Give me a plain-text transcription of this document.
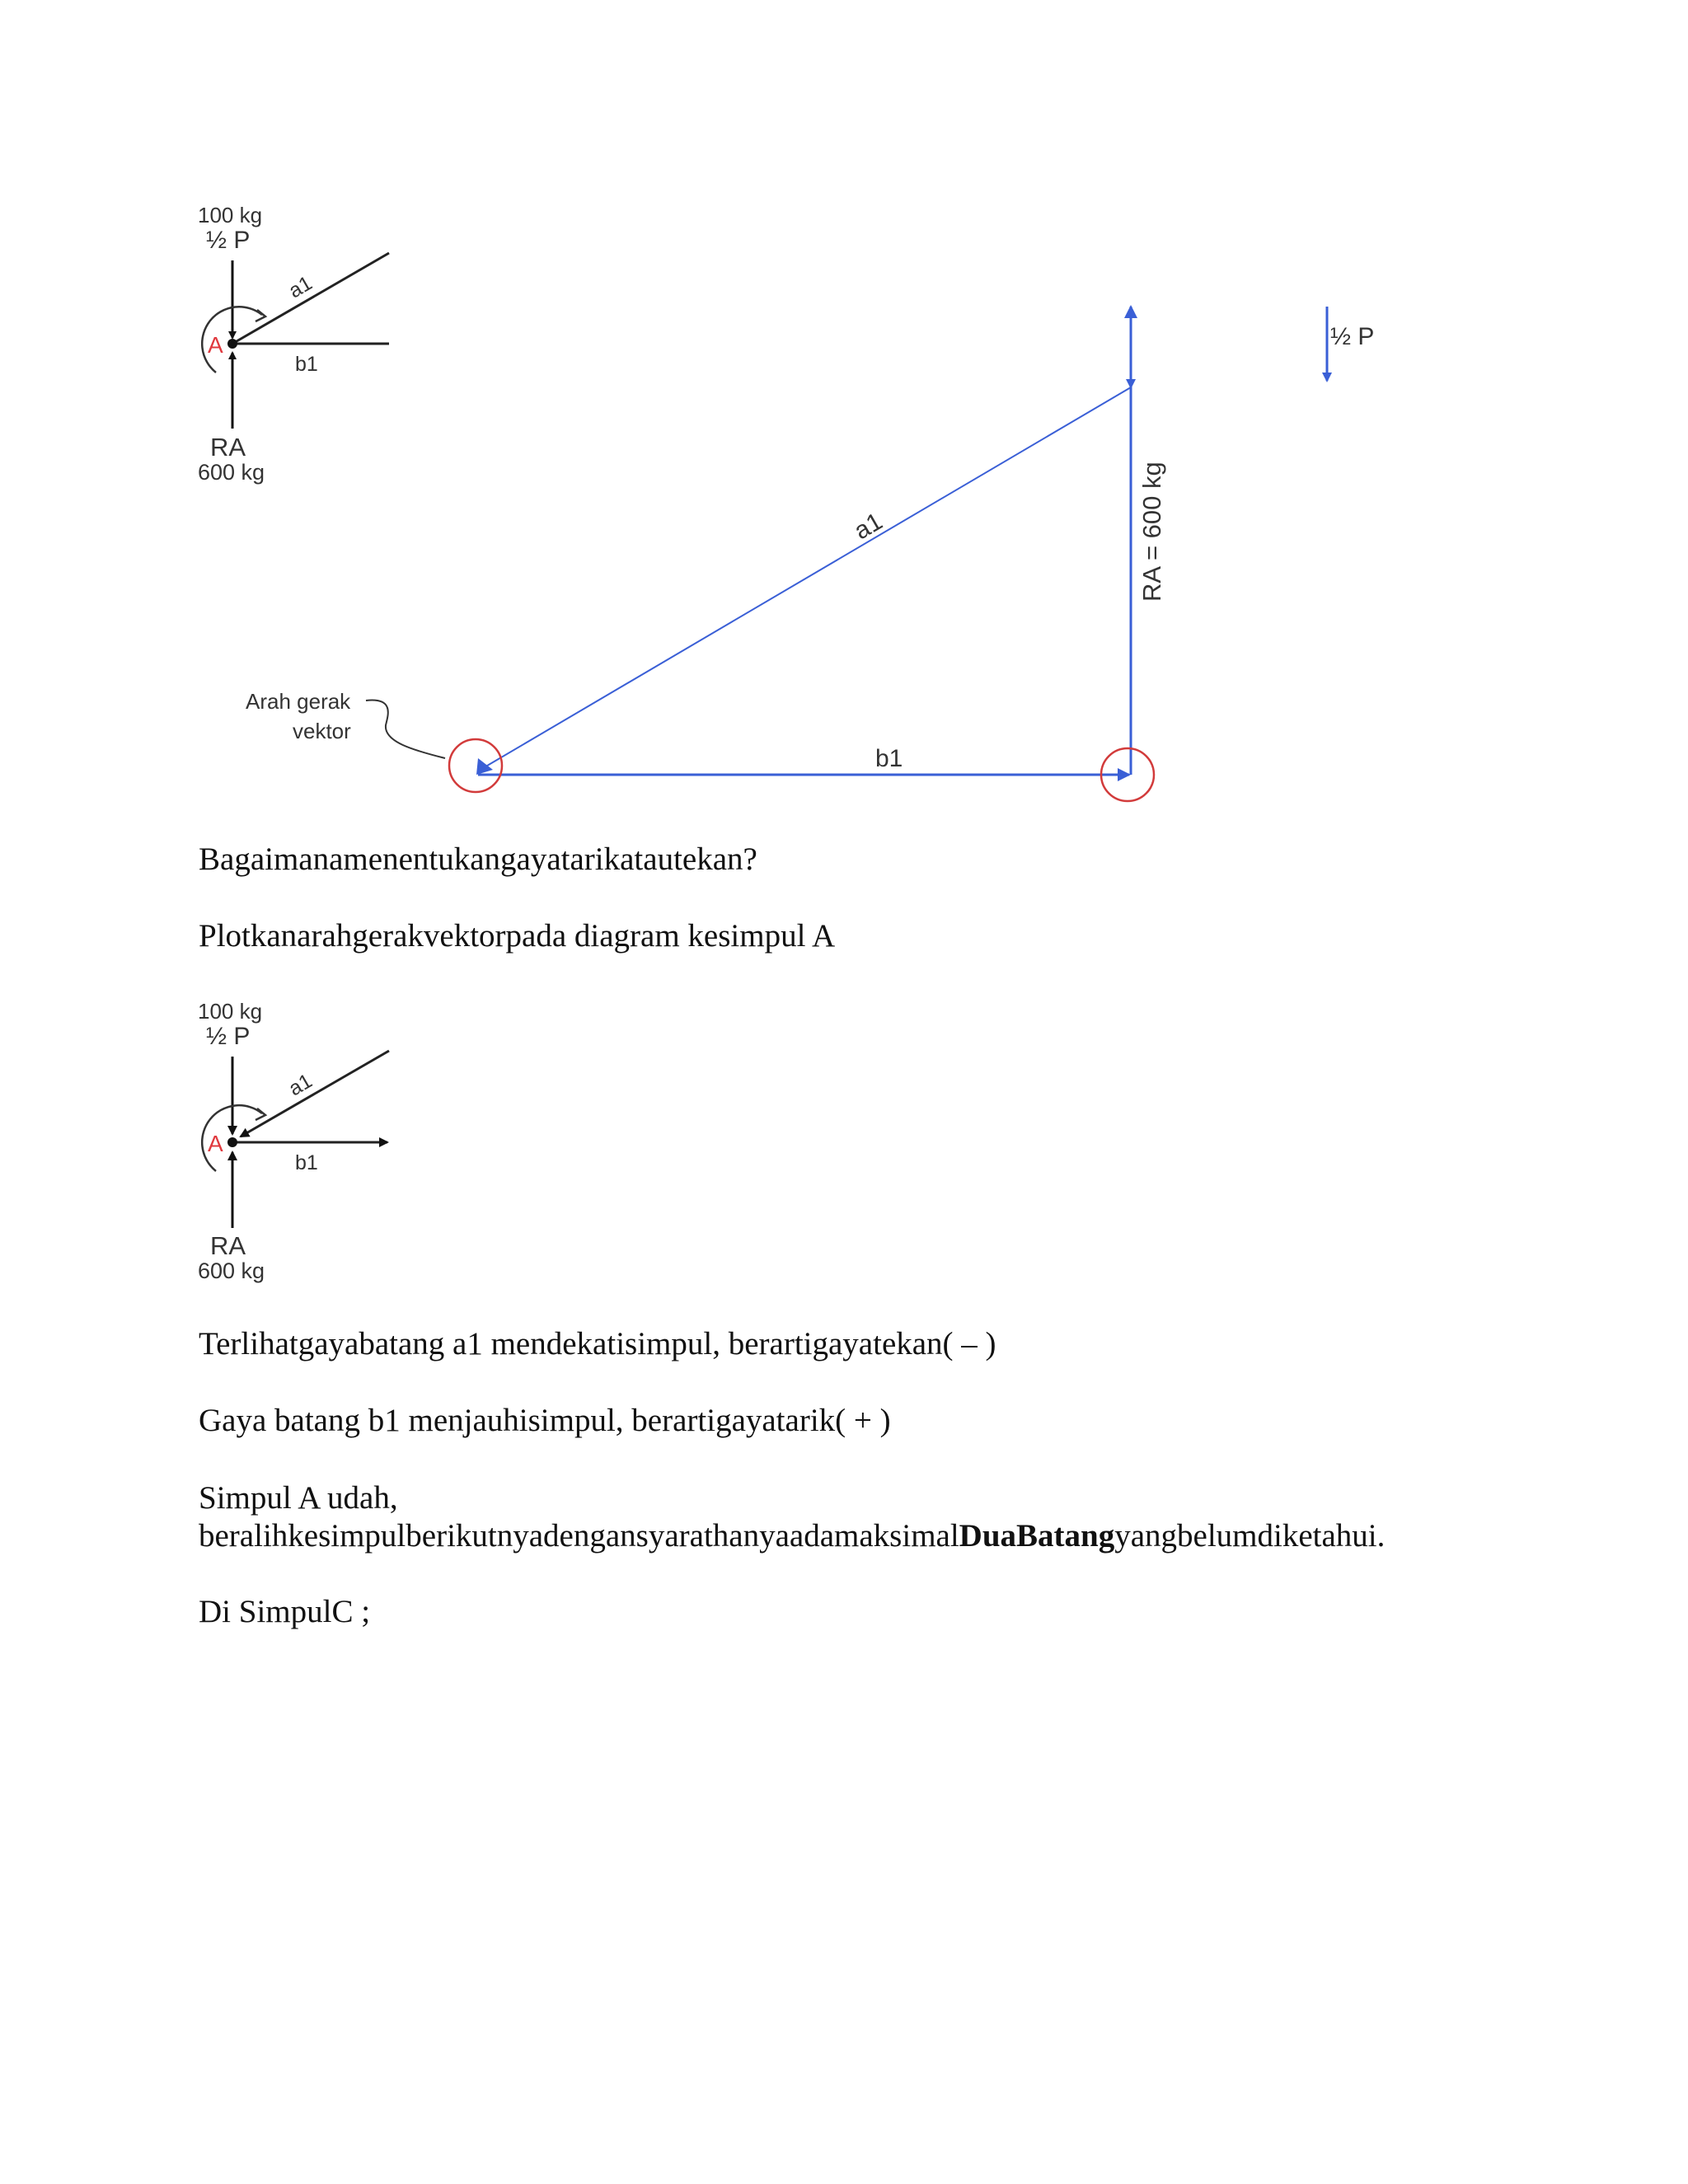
100 kg
½ P
a1
b1
A
RA
600 kg
b1
RA = 600 kg
a1
Arah gerak
vektor
½ P
Bagaimanamenentukangayatarikatautekan?
Plotkanarahgerakvektorpada diagram kesimpul A
100 kg
½ P
a1
b1
A
RA
600 kg
Terlihatgayabatang a1 mendekatisimpul, berartigayatekan( – )
Gaya batang b1 menjauhisimpul, berartigayatarik( + )
Simpul A udah,
beralihkesimpulberikutnyadengansyarathanyaadamaksimalDuaBatangyangbelumdiketahui.
Di SimpulC ;
